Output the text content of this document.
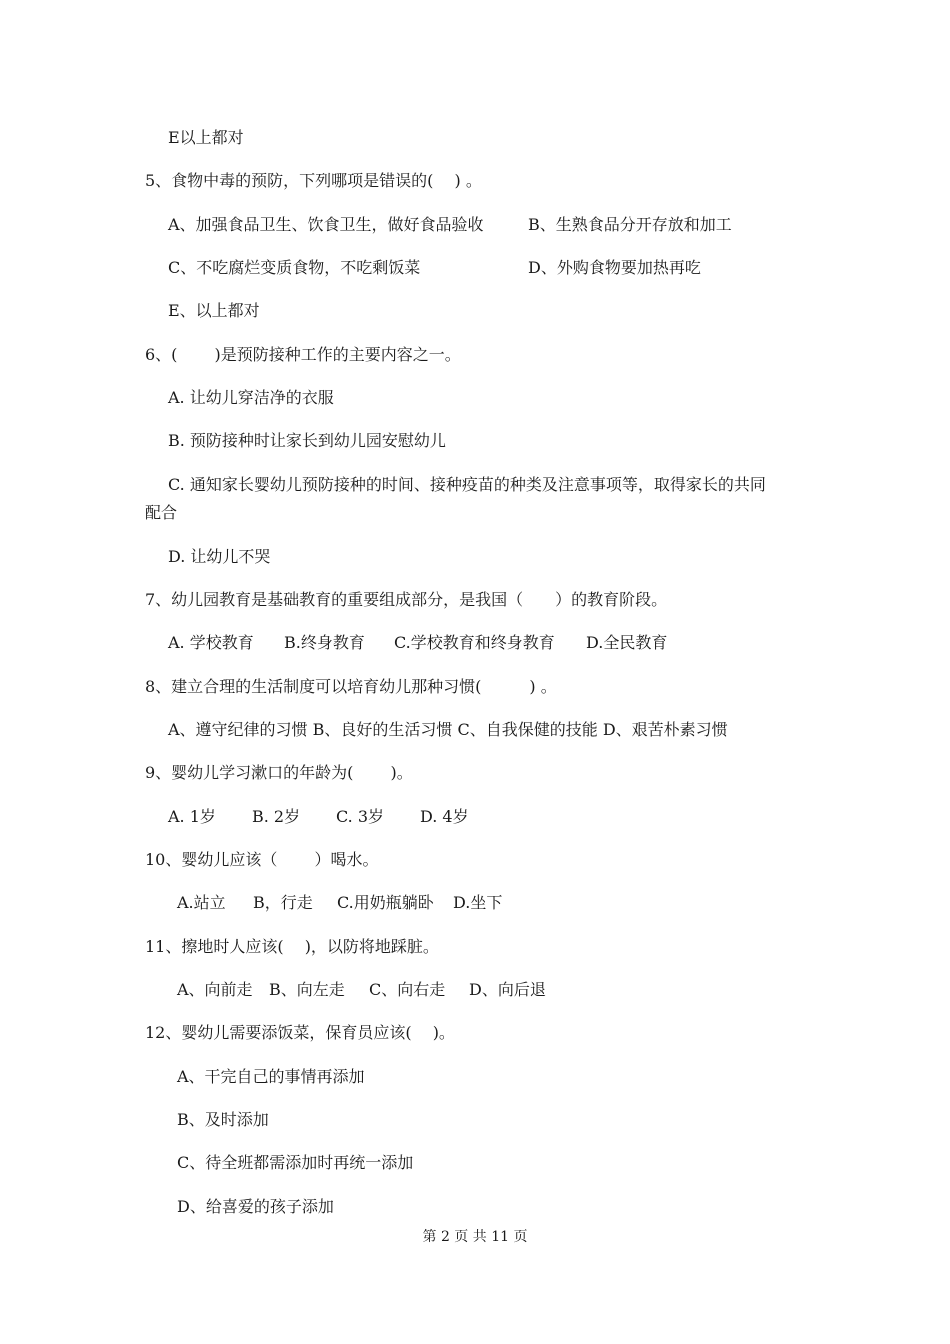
E以上都对
5、食物中毒的预防，下列哪项是错误的(　 ) 。

A、加强食品卫生、饮食卫生，做好食品验收

	B、生熟食品分开存放和加工

C、不吃腐烂变质食物，不吃剩饭菜

	D、外购食物要加热再吃

E、以上都对
6、(　　 )是预防接种工作的主要内容之一。
A. 让幼儿穿洁净的衣服
B. 预防接种时让家长到幼儿园安慰幼儿
C. 通知家长婴幼儿预防接种的时间、接种疫苗的种类及注意事项等，取得家长的共同
配合
D. 让幼儿不哭
7、幼儿园教育是基础教育的重要组成部分，是我国（　　）的教育阶段。

A. 学校教育

B.终身教育

C.学校教育和终身教育

D.全民教育

8、建立合理的生活制度可以培育幼儿那种习惯(　　　) 。
A、遵守纪律的习惯 B、良好的生活习惯 C、自我保健的技能 D、艰苦朴素习惯
9、婴幼儿学习漱口的年龄为(　　 )。

A. 1岁

B. 2岁

C. 3岁

D. 4岁

10、婴幼儿应该（　　 ）喝水。

A.站立

B，行走

C.用奶瓶躺卧

D.坐下

11、擦地时人应该(　 )，以防将地踩脏。

A、向前走

B、向左走

C、向右走

D、向后退

12、婴幼儿需要添饭菜，保育员应该(　 )。
A、干完自己的事情再添加
B、及时添加
C、待全班都需添加时再统一添加
D、给喜爱的孩子添加
第 2 页 共 11 页
